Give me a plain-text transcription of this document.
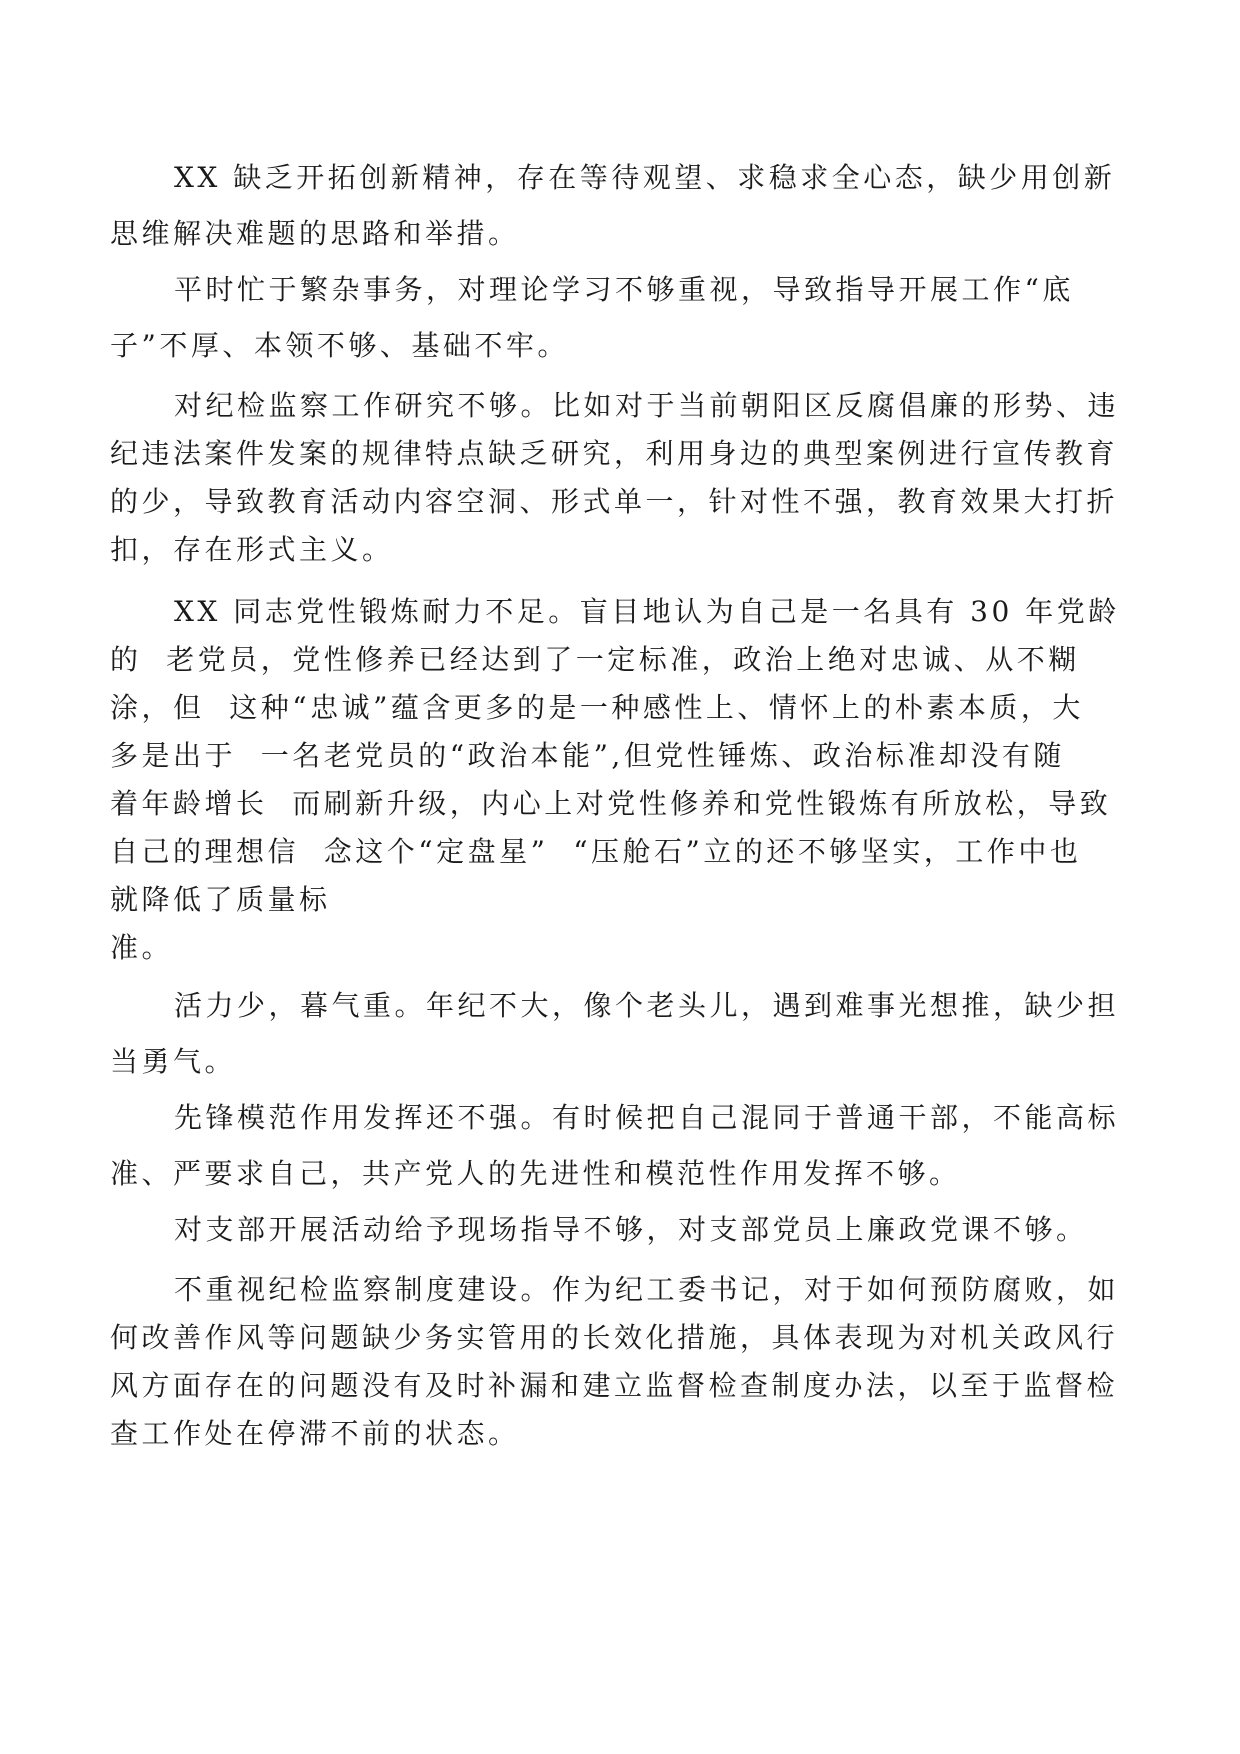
XX 缺乏开拓创新精神，存在等待观望、求稳求全心态，缺少用创新
思维解决难题的思路和举措。

平时忙于繁杂事务，对理论学习不够重视，导致指导开展工作“底
子”不厚、本领不够、基础不牢。

对纪检监察工作研究不够。比如对于当前朝阳区反腐倡廉的形势、违
纪违法案件发案的规律特点缺乏研究，利用身边的典型案例进行宣传教育
的少，导致教育活动内容空洞、形式单一，针对性不强，教育效果大打折
扣，存在形式主义。

XX 同志党性锻炼耐力不足。盲目地认为自己是一名具有 30 年党龄
的  老党员，党性修养已经达到了一定标准，政治上绝对忠诚、从不糊
涂，但  这种“忠诚”蕴含更多的是一种感性上、情怀上的朴素本质，大
多是出于  一名老党员的“政治本能”,但党性锤炼、政治标准却没有随
着年龄增长  而刷新升级，内心上对党性修养和党性锻炼有所放松，导致
自己的理想信  念这个“定盘星”  “压舱石”立的还不够坚实，工作中也
就降低了质量标
准。

活力少，暮气重。年纪不大，像个老头儿，遇到难事光想推，缺少担
当勇气。

先锋模范作用发挥还不强。有时候把自己混同于普通干部，不能高标
准、严要求自己，共产党人的先进性和模范性作用发挥不够。

对支部开展活动给予现场指导不够，对支部党员上廉政党课不够。

不重视纪检监察制度建设。作为纪工委书记，对于如何预防腐败，如
何改善作风等问题缺少务实管用的长效化措施，具体表现为对机关政风行
风方面存在的问题没有及时补漏和建立监督检查制度办法，以至于监督检
查工作处在停滞不前的状态。
